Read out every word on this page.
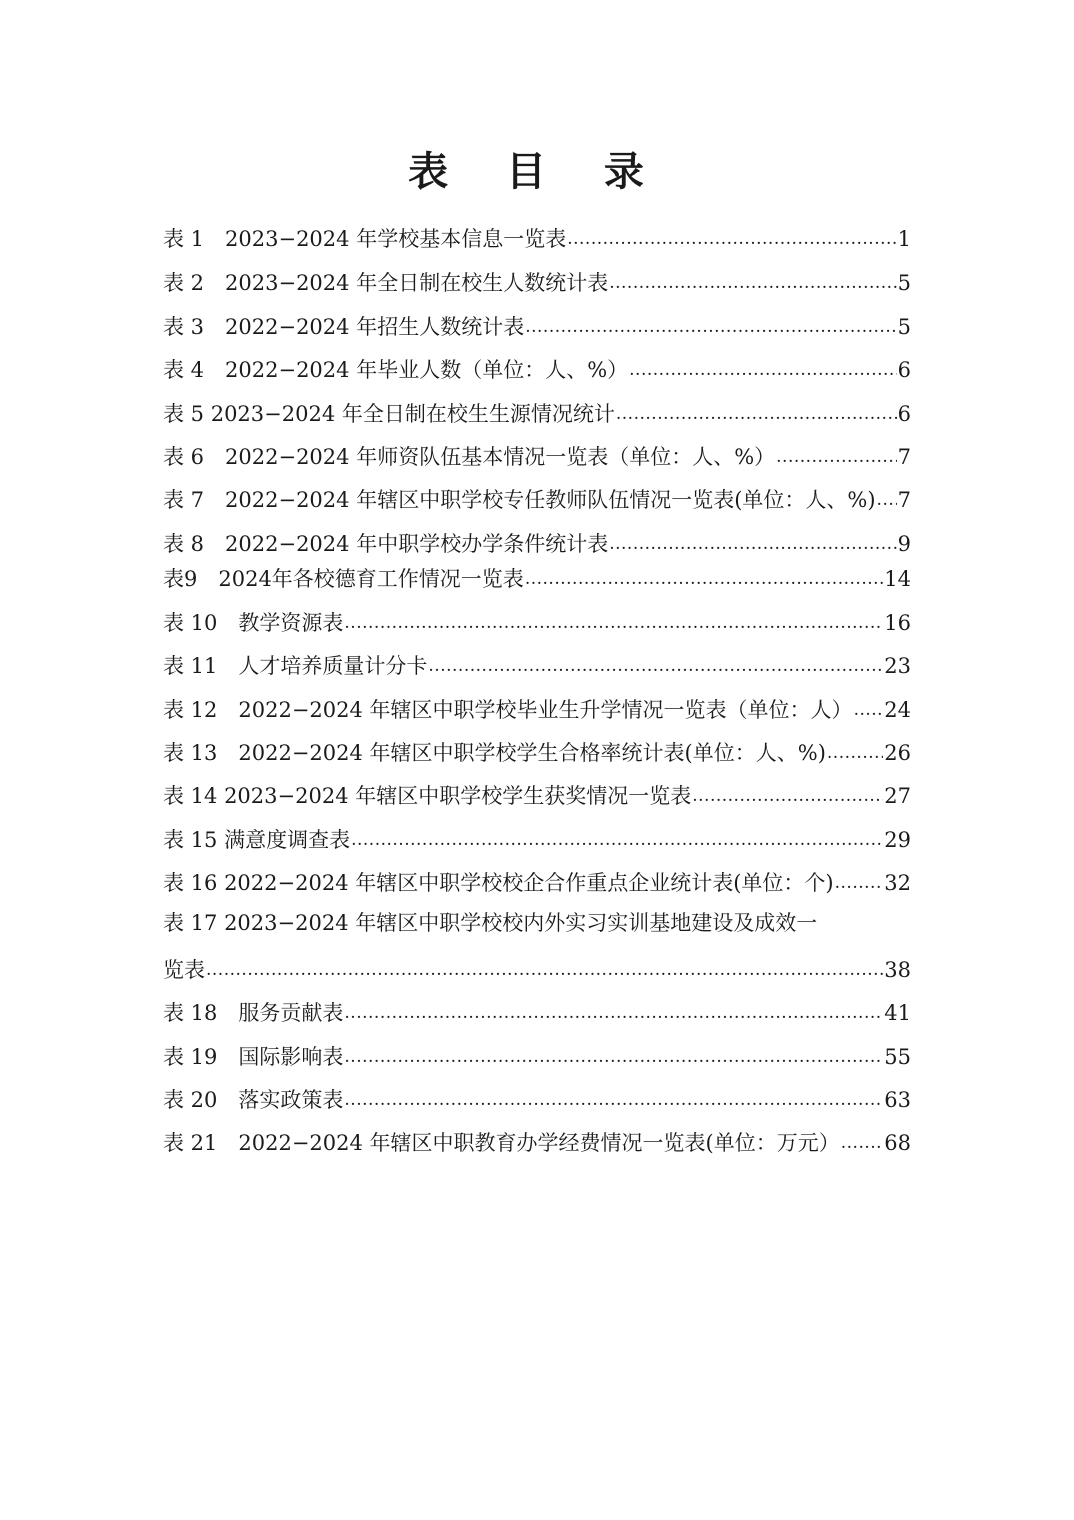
表 目 录
表 1　2023−2024 年学校基本信息一览表 .....	1
表 2　2023−2024 年全日制在校生人数统计表 .....	5
表 3　2022−2024 年招生人数统计表 .....	5
表 4　2022−2024 年毕业人数（单位：人、%） .....	6
表 5 2023−2024 年全日制在校生生源情况统计 .....	6
表 6　2022−2024 年师资队伍基本情况一览表（单位：人、%） .....	7
表 7　2022−2024 年辖区中职学校专任教师队伍情况一览表(单位：人、%) ..... 7
表 8　2022−2024 年中职学校办学条件统计表 .....	9
表9　2024年各校德育工作情况一览表 .....	14
表 10　教学资源表 .....	16
表 11　人才培养质量计分卡 .....	23
表 12　2022−2024 年辖区中职学校毕业生升学情况一览表（单位：人） ..... 24
表 13　2022−2024 年辖区中职学校学生合格率统计表(单位：人、%) .....	26
表 14 2023−2024 年辖区中职学校学生获奖情况一览表 .....	27
表 15 满意度调查表 .....	29
表 16 2022−2024 年辖区中职学校校企合作重点企业统计表(单位：个) ..... 32
表 17 2023−2024 年辖区中职学校校内外实习实训基地建设及成效一
览表 .....	38
表 18　服务贡献表 .....	41
表 19　国际影响表 .....	55
表 20　落实政策表 .....	63
表 21　2022−2024 年辖区中职教育办学经费情况一览表(单位：万元） ..... 68
